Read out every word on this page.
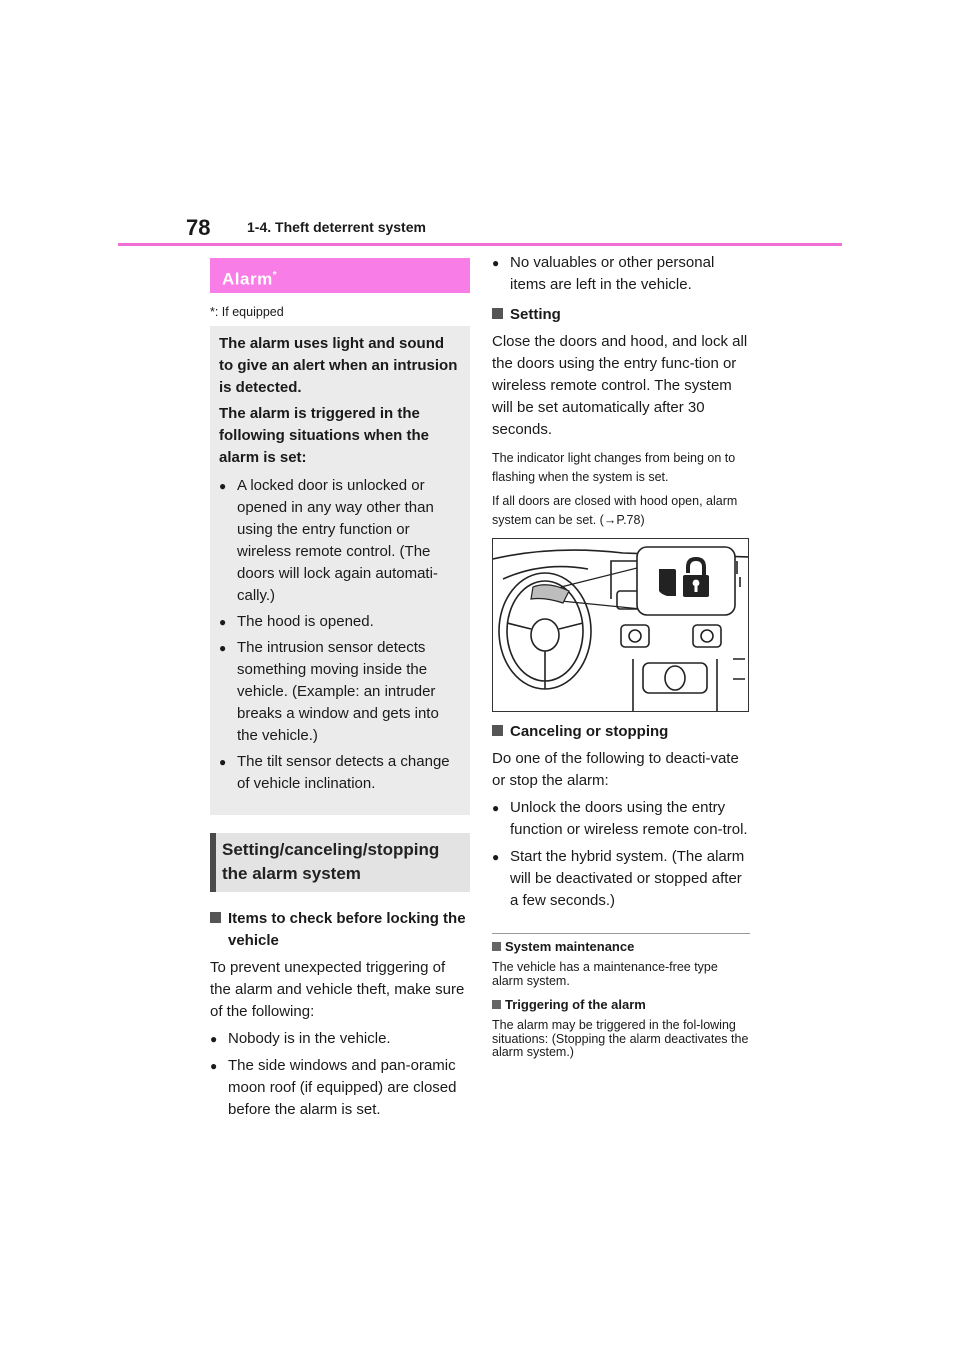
78	1-4. Theft deterrent system
Alarm*
*: If equipped

The alarm uses light and sound to give an alert when an intrusion is detected.

The alarm is triggered in the following situations when the alarm is set:

● A locked door is unlocked or opened in any way other than using the entry function or wireless remote control. (The doors will lock again automati-cally.)
● The hood is opened.
● The intrusion sensor detects something moving inside the vehicle. (Example: an intruder breaks a window and gets into the vehicle.)
● The tilt sensor detects a change of vehicle inclination.
Setting/canceling/stopping the alarm system
Items to check before locking the vehicle

To prevent unexpected triggering of the alarm and vehicle theft, make sure of the following:

● Nobody is in the vehicle.
● The side windows and pan-oramic moon roof (if equipped) are closed before the alarm is set.
● No valuables or other personal items are left in the vehicle.
Setting

Close the doors and hood, and lock all the doors using the entry func-tion or wireless remote control. The system will be set automatically after 30 seconds.

The indicator light changes from being on to flashing when the system is set.

If all doors are closed with hood open, alarm system can be set. (→P.78)

Canceling or stopping

Do one of the following to deacti-vate or stop the alarm:

● Unlock the doors using the entry function or wireless remote con-trol.
● Start the hybrid system. (The alarm will be deactivated or stopped after a few seconds.)
System maintenance

The vehicle has a maintenance-free type alarm system.

Triggering of the alarm

The alarm may be triggered in the fol-lowing situations: (Stopping the alarm deactivates the alarm system.)
